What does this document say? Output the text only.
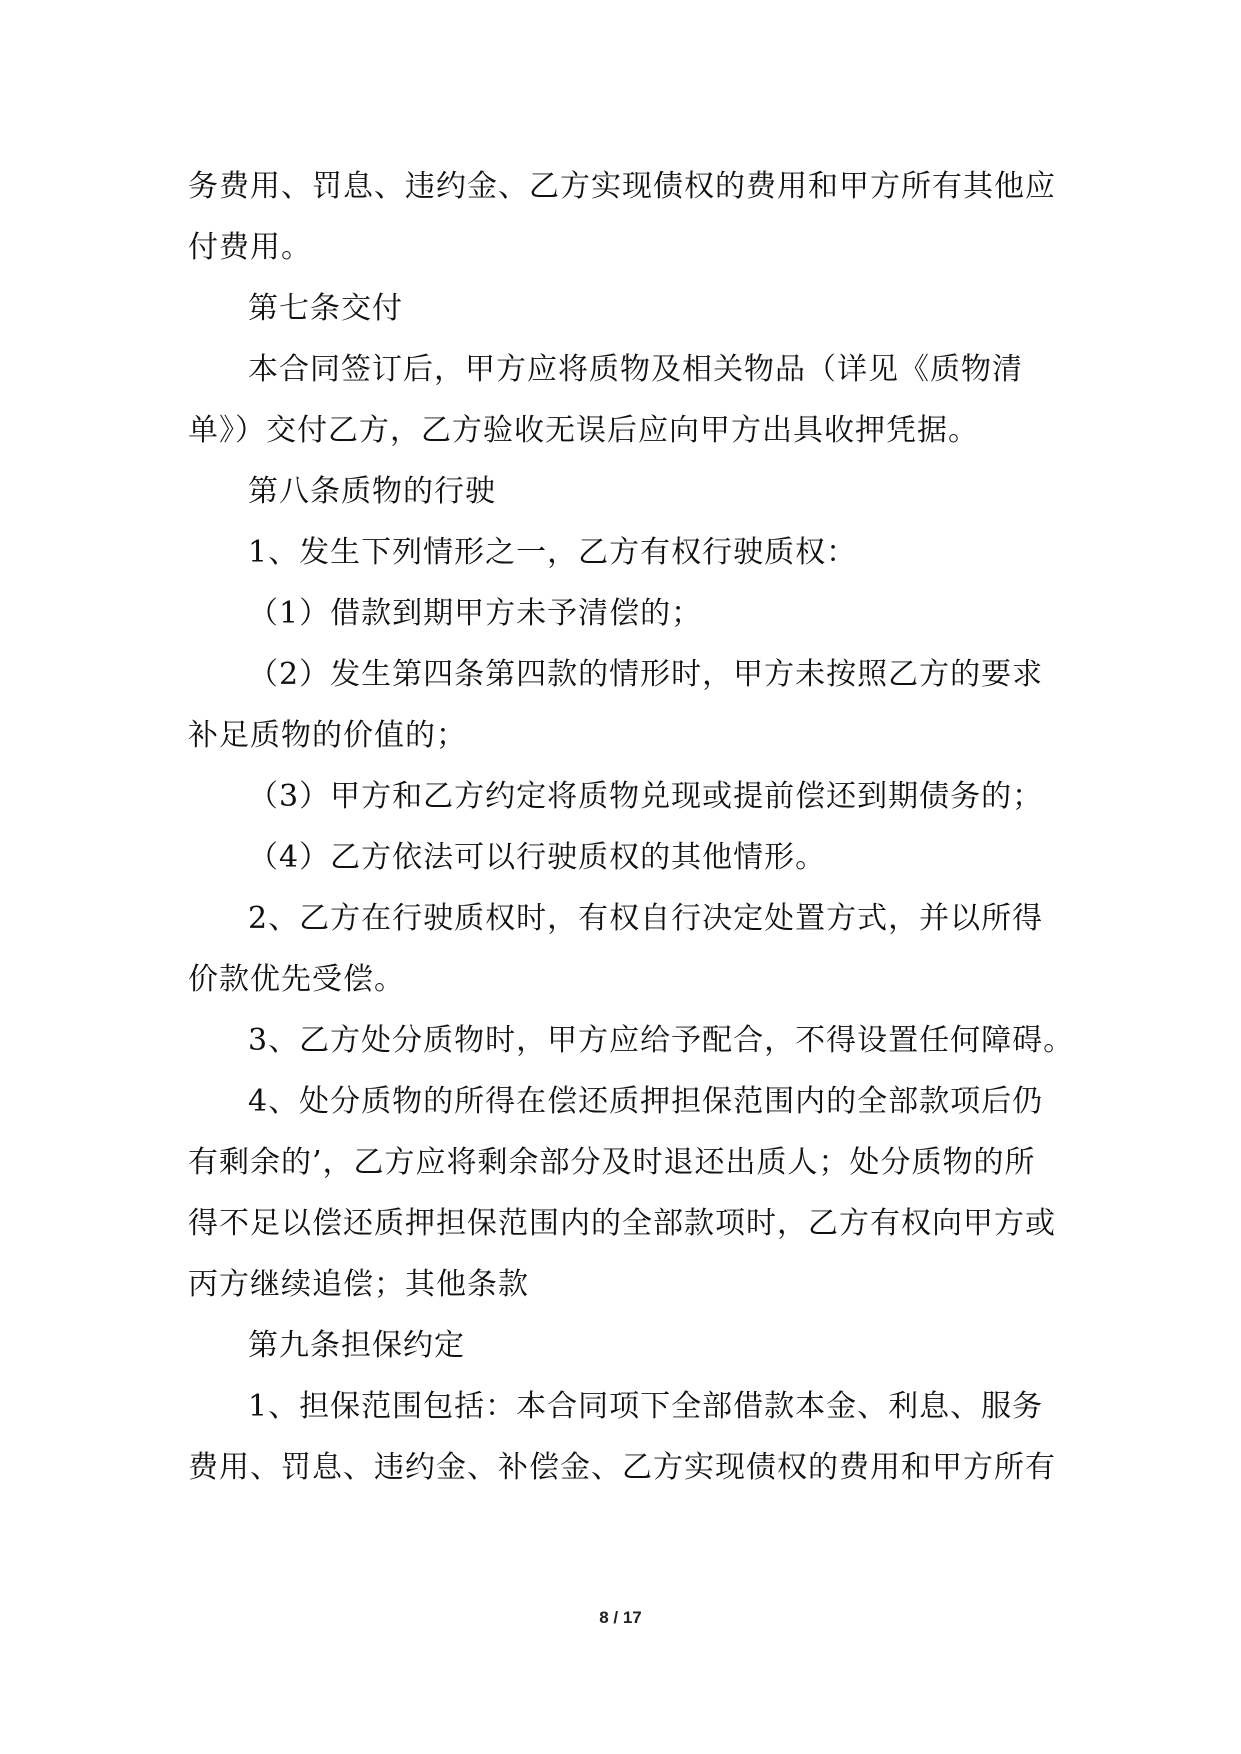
务费用、罚息、违约金、乙方实现债权的费用和甲方所有其他应
付费用。
第七条交付
本合同签订后，甲方应将质物及相关物品（详见《质物清
单》）交付乙方，乙方验收无误后应向甲方出具收押凭据。
第八条质物的行驶
1、发生下列情形之一，乙方有权行驶质权：
（1）借款到期甲方未予清偿的；
（2）发生第四条第四款的情形时，甲方未按照乙方的要求
补足质物的价值的；
（3）甲方和乙方约定将质物兑现或提前偿还到期债务的；
（4）乙方依法可以行驶质权的其他情形。
2、乙方在行驶质权时，有权自行决定处置方式，并以所得
价款优先受偿。
3、乙方处分质物时，甲方应给予配合，不得设置任何障碍。
4、处分质物的所得在偿还质押担保范围内的全部款项后仍
有剩余的’，乙方应将剩余部分及时退还出质人；处分质物的所
得不足以偿还质押担保范围内的全部款项时，乙方有权向甲方或
丙方继续追偿；其他条款
第九条担保约定
1、担保范围包括：本合同项下全部借款本金、利息、服务
费用、罚息、违约金、补偿金、乙方实现债权的费用和甲方所有
8 / 17
